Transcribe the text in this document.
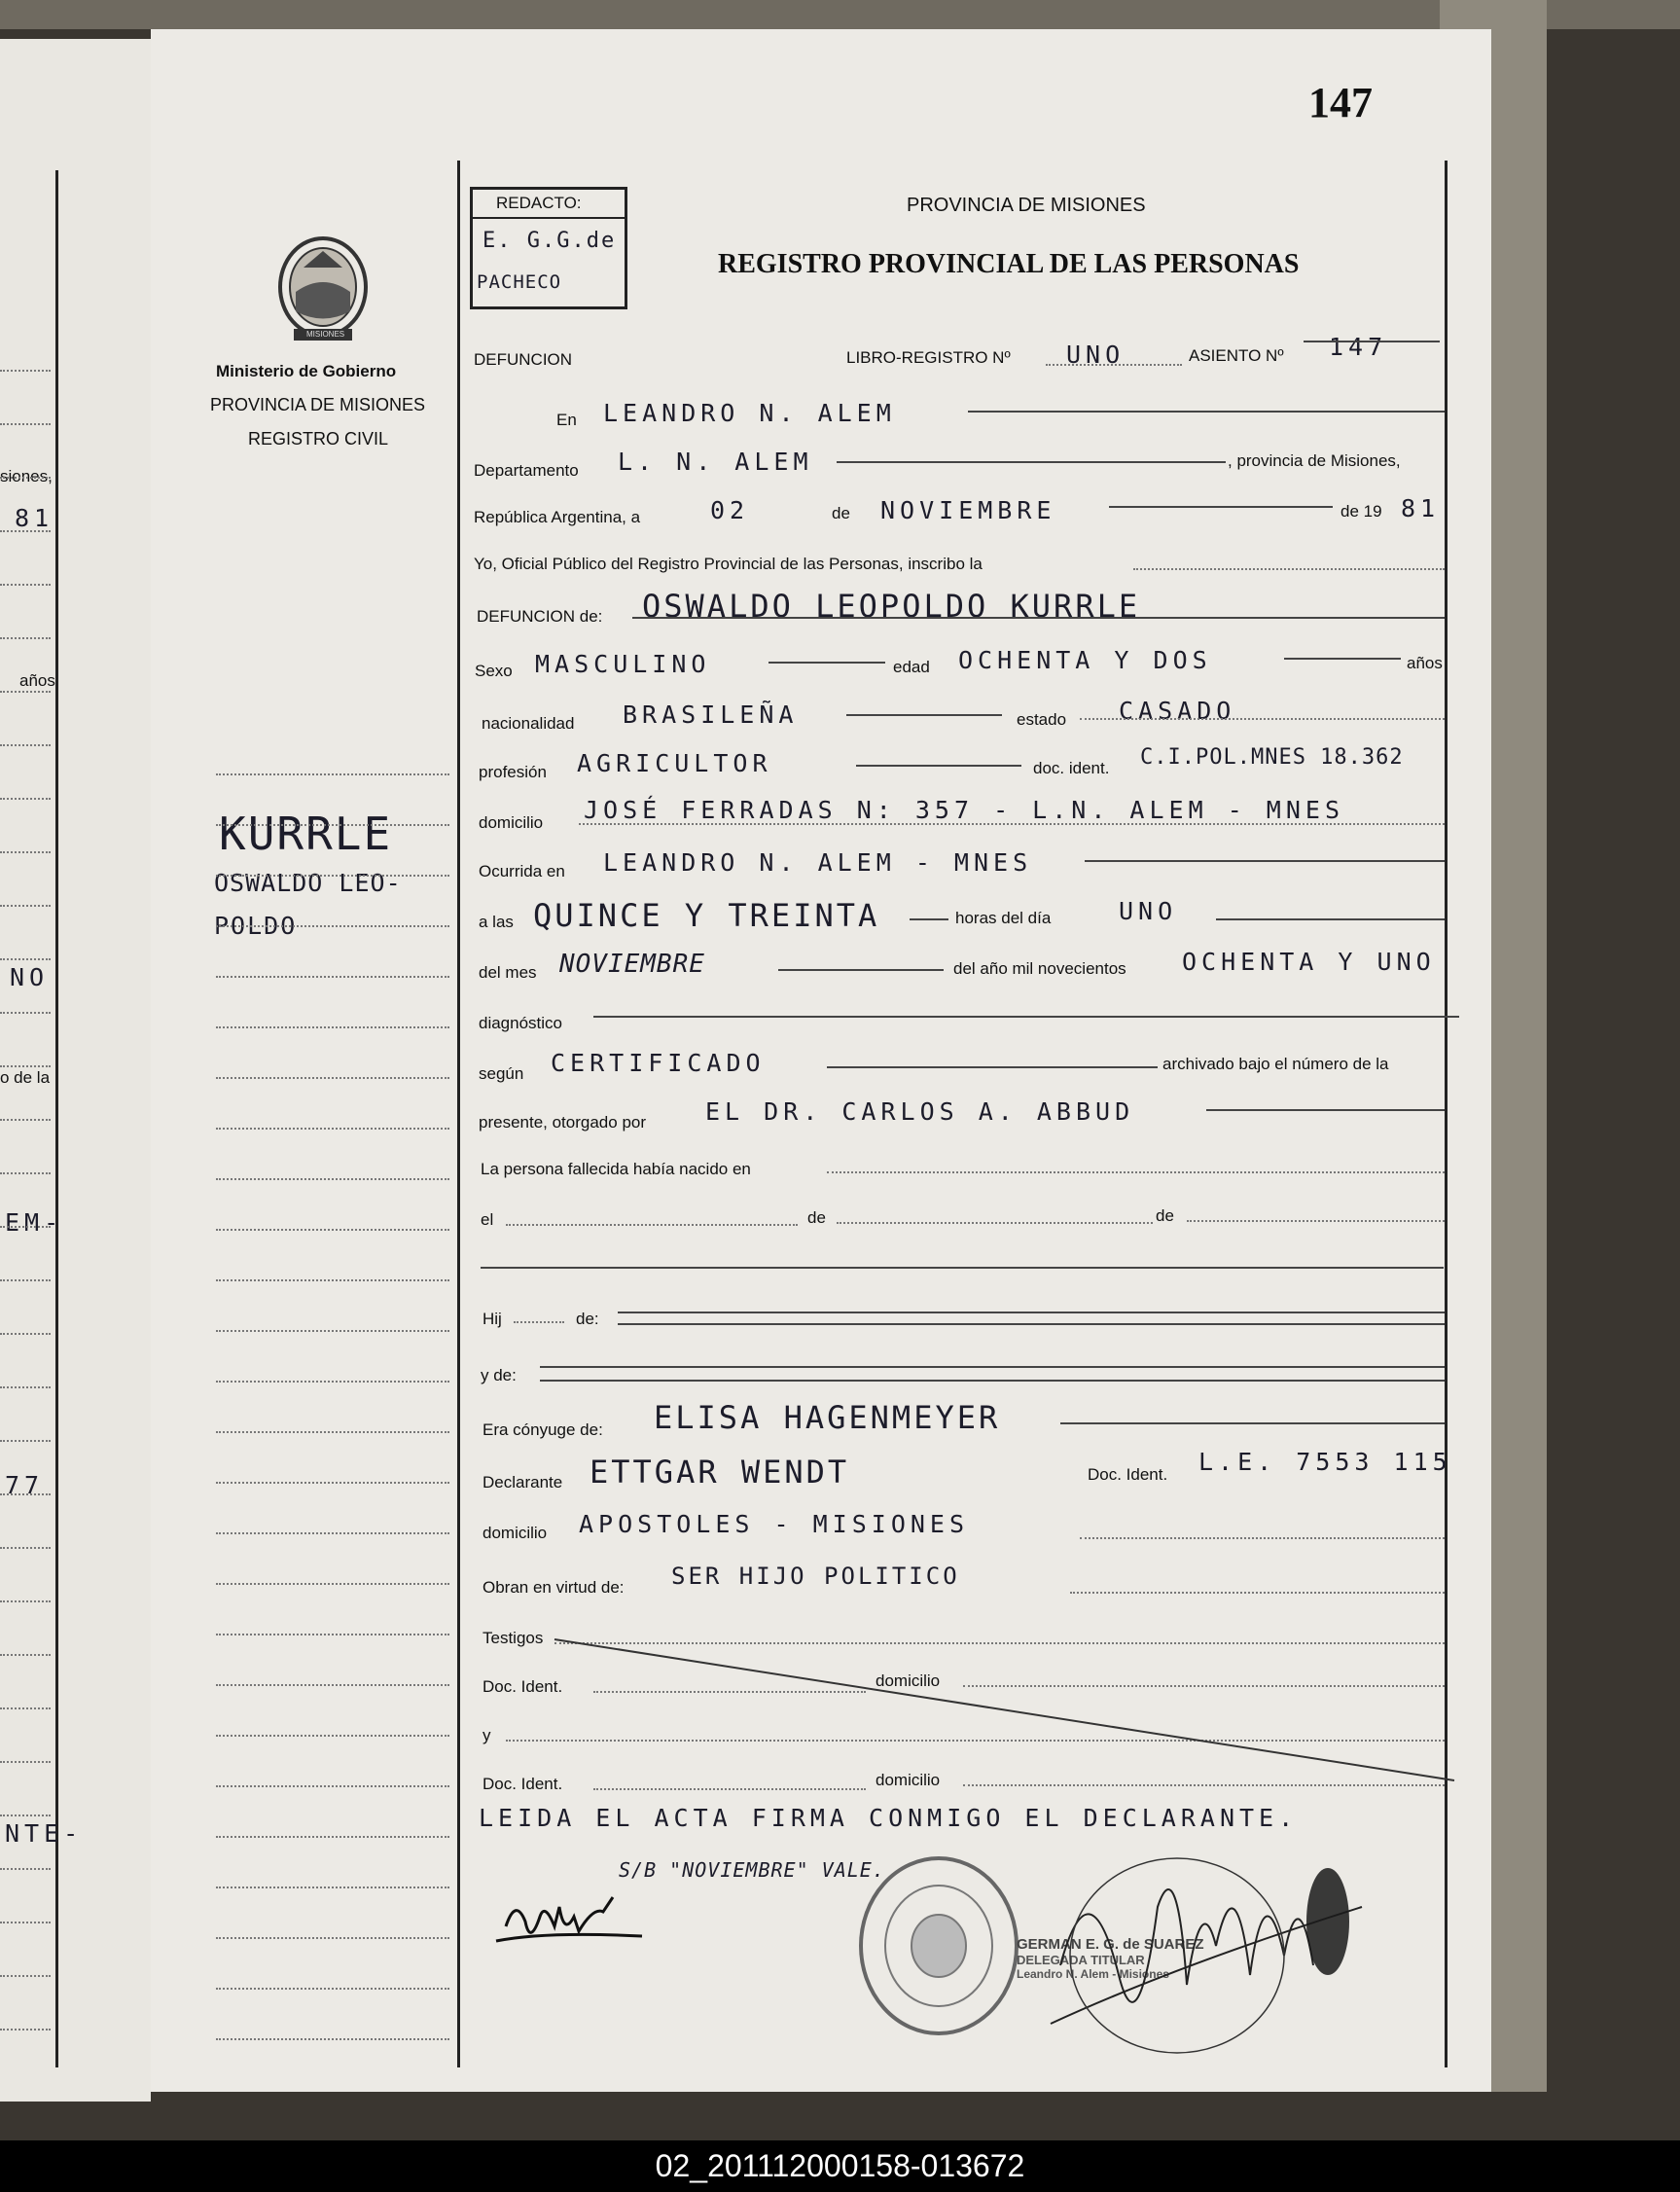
siones,
81
años
NO
o de la
EM-
77
NTE-
147
REDACTO:
E. G.G.de
PACHECO
MISIONES
Ministerio de Gobierno
PROVINCIA DE MISIONES
REGISTRO CIVIL
PROVINCIA DE MISIONES
REGISTRO PROVINCIAL DE LAS PERSONAS
DEFUNCION	LIBRO-REGISTRO Nº UNO	ASIENTO Nº 147
KURRLE
OSWALDO LEO-
POLDO
En LEANDRO N. ALEM
Departamento L. N. ALEM	, provincia de Misiones,
República Argentina, a	02	de NOVIEMBRE	de 19 81
Yo, Oficial Público del Registro Provincial de las Personas, inscribo la
DEFUNCION de: OSWALDO LEOPOLDO KURRLE
Sexo MASCULINO	edad OCHENTA Y DOS	años
nacionalidad BRASILEÑA	estado CASADO
profesión AGRICULTOR	doc. ident. C.I.POL.MNES 18.362
domicilio JOSÉ FERRADAS N: 357 - L.N. ALEM - MNES
Ocurrida en LEANDRO N. ALEM - MNES
a las QUINCE Y TREINTA	horas del día	UNO
del mes NOVIEMBRE	del año mil novecientos OCHENTA Y UNO
diagnóstico
según CERTIFICADO	archivado bajo el número de la
presente, otorgado por EL DR. CARLOS A. ABBUD
La persona fallecida había nacido en
el	de	de
Hij	de:
y de:
Era cónyuge de: ELISA HAGENMEYER
Declarante ETTGAR WENDT	Doc. Ident. L.E. 7553 115
domicilio APOSTOLES - MISIONES
Obran en virtud de: SER HIJO POLITICO
Testigos
Doc. Ident.	domicilio
y
Doc. Ident.	domicilio
LEIDA EL ACTA FIRMA CONMIGO EL DECLARANTE.
S/B "NOVIEMBRE" VALE.
GERMAN E. G. de SUAREZ
DELEGADA TITULAR
Leandro N. Alem - Misiones
02_201112000158-013672
